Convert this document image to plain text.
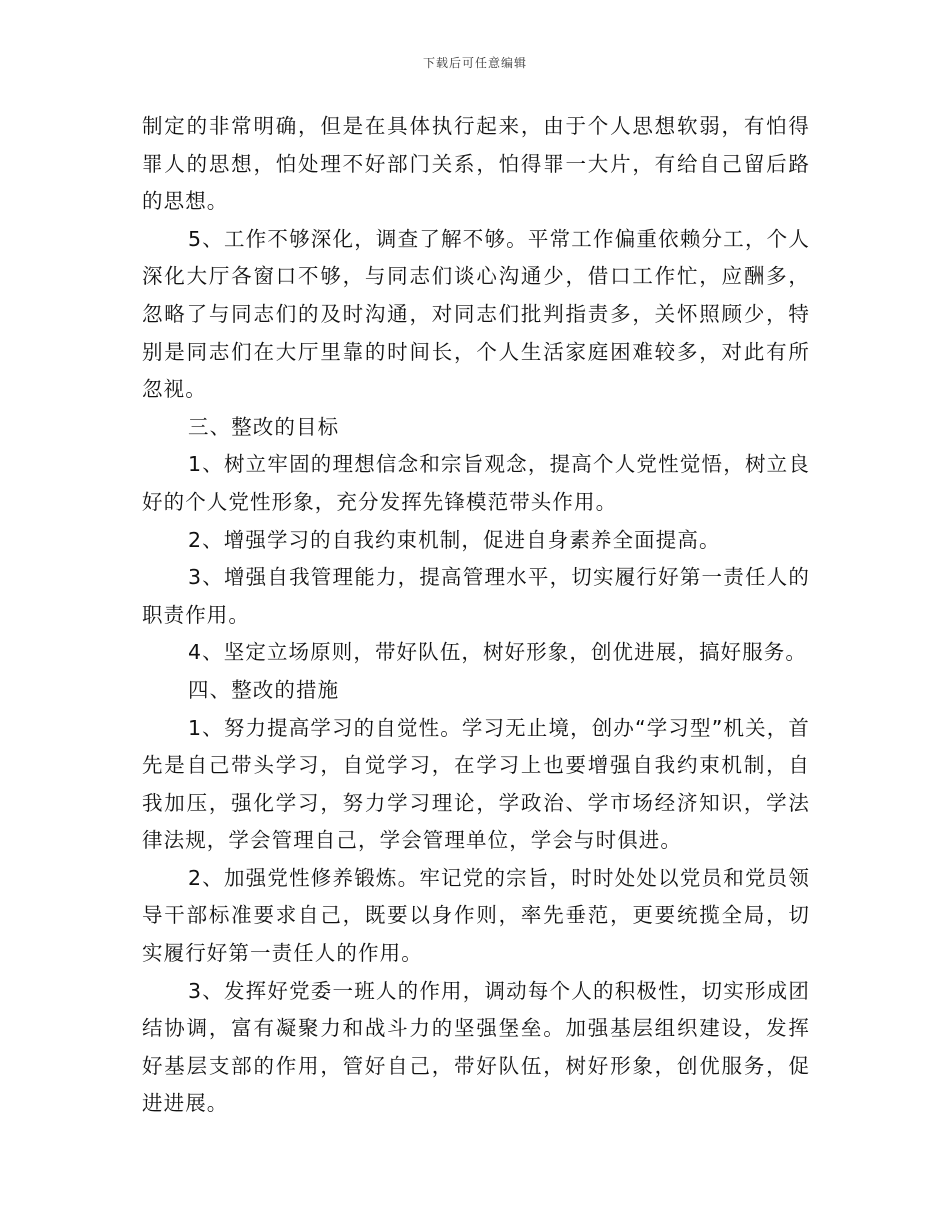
下载后可任意编辑

制定的非常明确，但是在具体执行起来，由于个人思想软弱，有怕得罪人的思想，怕处理不好部门关系，怕得罪一大片，有给自己留后路的思想。

5、工作不够深化，调查了解不够。平常工作偏重依赖分工，个人深化大厅各窗口不够，与同志们谈心沟通少，借口工作忙，应酬多，忽略了与同志们的及时沟通，对同志们批判指责多，关怀照顾少，特别是同志们在大厅里靠的时间长，个人生活家庭困难较多，对此有所忽视。

三、整改的目标

1、树立牢固的理想信念和宗旨观念，提高个人党性觉悟，树立良好的个人党性形象，充分发挥先锋模范带头作用。

2、增强学习的自我约束机制，促进自身素养全面提高。

3、增强自我管理能力，提高管理水平，切实履行好第一责任人的职责作用。

4、坚定立场原则，带好队伍，树好形象，创优进展，搞好服务。

四、整改的措施

1、努力提高学习的自觉性。学习无止境，创办“学习型”机关，首先是自己带头学习，自觉学习，在学习上也要增强自我约束机制，自我加压，强化学习，努力学习理论，学政治、学市场经济知识，学法律法规，学会管理自己，学会管理单位，学会与时俱进。

2、加强党性修养锻炼。牢记党的宗旨，时时处处以党员和党员领导干部标准要求自己，既要以身作则，率先垂范，更要统揽全局，切实履行好第一责任人的作用。

3、发挥好党委一班人的作用，调动每个人的积极性，切实形成团结协调，富有凝聚力和战斗力的坚强堡垒。加强基层组织建设，发挥好基层支部的作用，管好自己，带好队伍，树好形象，创优服务，促进进展。
